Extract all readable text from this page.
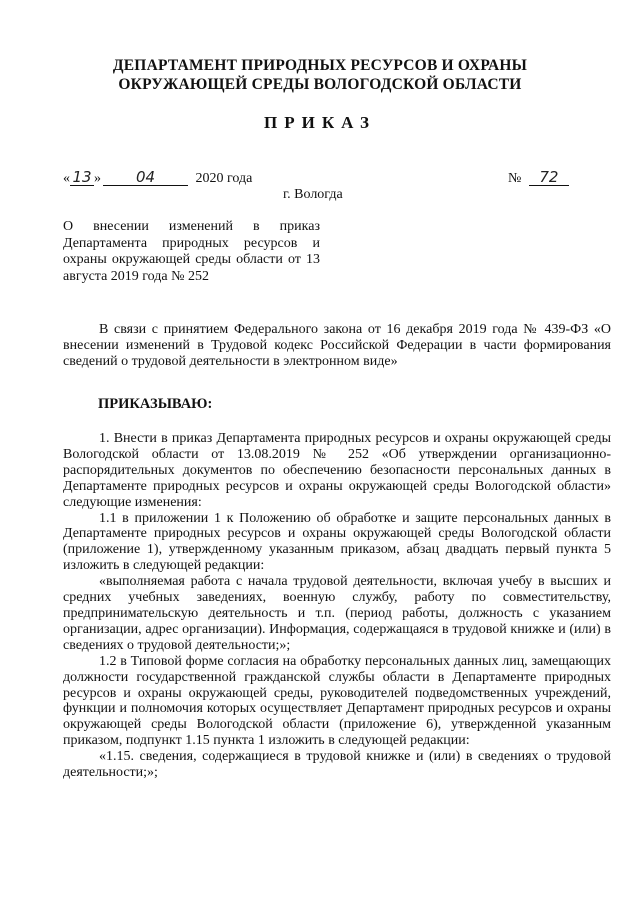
ДЕПАРТАМЕНТ ПРИРОДНЫХ РЕСУРСОВ И ОХРАНЫ
ОКРУЖАЮЩЕЙ СРЕДЫ ВОЛОГОДСКОЙ ОБЛАСТИ
ПРИКАЗ
« 13 » 04	2020 года	№ 72
г. Вологда
О внесении изменений в приказ Департамента природных ресурсов и охраны окружающей среды области от 13 августа 2019 года № 252

В связи с принятием Федерального закона от 16 декабря 2019 года № 439-ФЗ «О внесении изменений в Трудовой кодекс Российской Федерации в части формирования сведений о трудовой деятельности в электронном виде»

ПРИКАЗЫВАЮ:

1. Внести в приказ Департамента природных ресурсов и охраны окружающей среды Вологодской области от 13.08.2019 № 252 «Об утверждении организационно-распорядительных документов по обеспечению безопасности персональных данных в Департаменте природных ресурсов и охраны окружающей среды Вологодской области» следующие изменения:

1.1 в приложении 1 к Положению об обработке и защите персональных данных в Департаменте природных ресурсов и охраны окружающей среды Вологодской области (приложение 1), утвержденному указанным приказом, абзац двадцать первый пункта 5 изложить в следующей редакции:

«выполняемая работа с начала трудовой деятельности, включая учебу в высших и средних учебных заведениях, военную службу, работу по совместительству, предпринимательскую деятельность и т.п. (период работы, должность с указанием организации, адрес организации). Информация, содержащаяся в трудовой книжке и (или) в сведениях о трудовой деятельности;»;

1.2 в Типовой форме согласия на обработку персональных данных лиц, замещающих должности государственной гражданской службы области в Департаменте природных ресурсов и охраны окружающей среды, руководителей подведомственных учреждений, функции и полномочия которых осуществляет Департамент природных ресурсов и охраны окружающей среды Вологодской области (приложение 6), утвержденной указанным приказом, подпункт 1.15 пункта 1 изложить в следующей редакции:

«1.15. сведения, содержащиеся в трудовой книжке и (или) в сведениях о трудовой деятельности;»;
